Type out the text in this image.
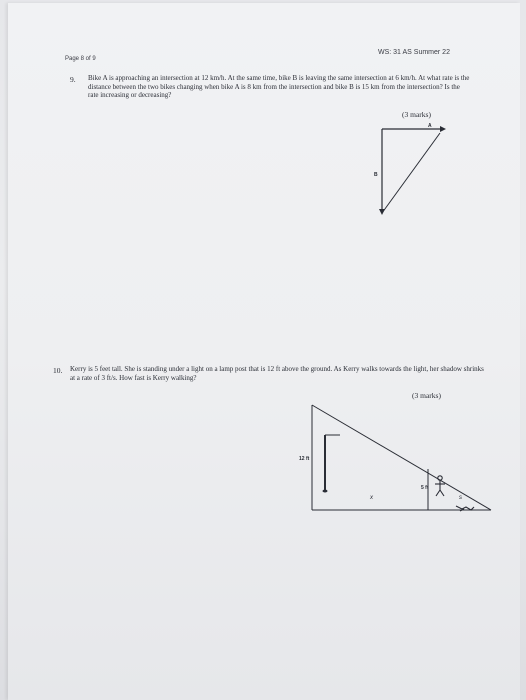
Page 8 of 9
WS: 31 AS Summer 22
9. Bike A is approaching an intersection at 12 km/h. At the same time, bike B is leaving the same intersection at 6 km/h. At what rate is the distance between the two bikes changing when bike A is 8 km from the intersection and bike B is 15 km from the intersection? Is the rate increasing or decreasing?

(3 marks)
A
B
10. Kerry is 5 feet tall. She is standing under a light on a lamp post that is 12 ft above the ground. As Kerry walks towards the light, her shadow shrinks at a rate of 3 ft/s. How fast is Kerry walking?

(3 marks)
12 ft
5 ft
x	s
